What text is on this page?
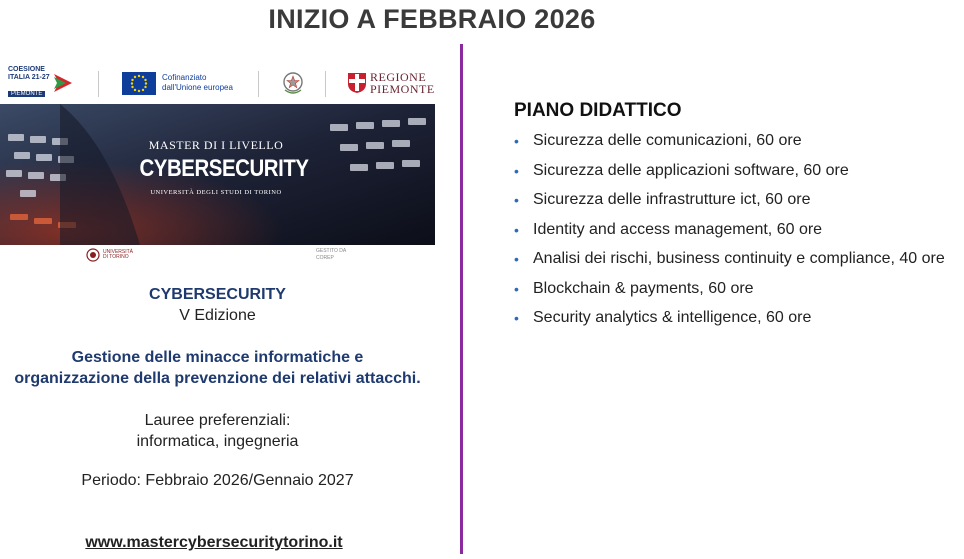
INIZIO A FEBBRAIO 2026
COESIONE
ITALIA 21-27
PIEMONTE
Cofinanziato
dall'Unione europea
REGIONE
PIEMONTE
MASTER DI I LIVELLO
CYBERSECURITY
UNIVERSITÀ DEGLI STUDI DI TORINO
UNIVERSITÀ
DI TORINO
GESTITO DA
COREP
CYBERSECURITY
V Edizione
Gestione delle minacce informatiche e
organizzazione della prevenzione dei relativi attacchi.
Lauree preferenziali:
informatica, ingegneria
Periodo: Febbraio 2026/Gennaio 2027
www.mastercybersecuritytorino.it
PIANO DIDATTICO
• Sicurezza delle comunicazioni, 60 ore
• Sicurezza delle applicazioni software, 60 ore
• Sicurezza delle infrastrutture ict, 60 ore
• Identity and access management, 60 ore
• Analisi dei rischi, business continuity e compliance, 40 ore
• Blockchain & payments, 60 ore
• Security analytics & intelligence, 60 ore
